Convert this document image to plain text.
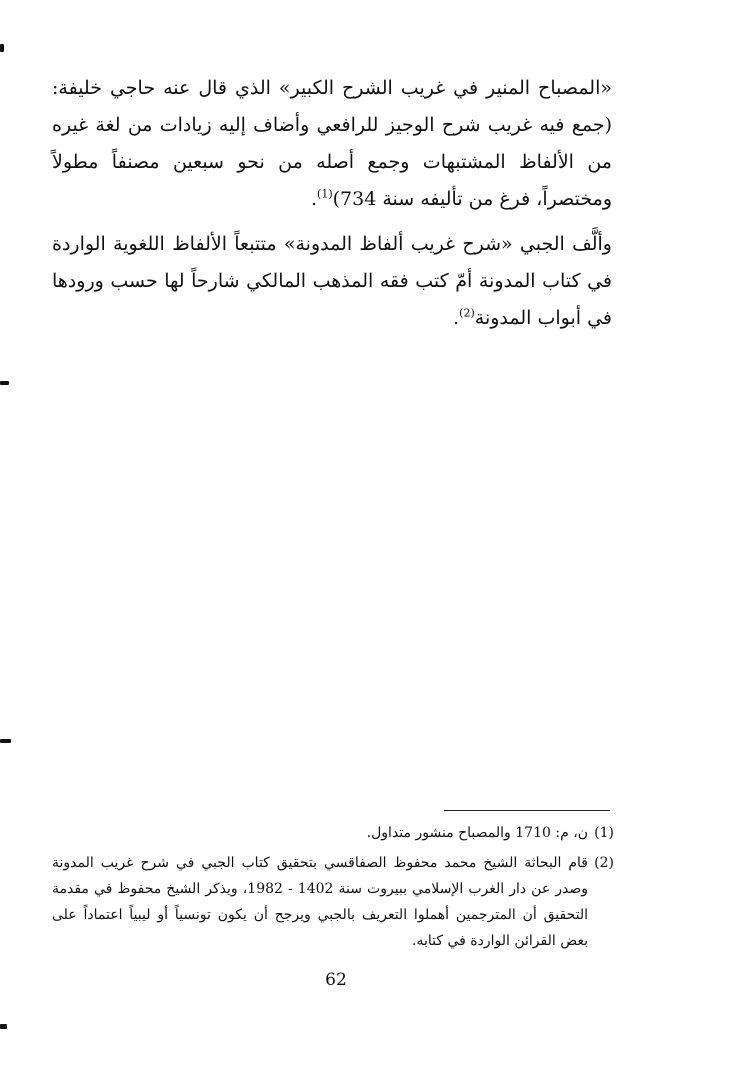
«المصباح المنير في غريب الشرح الكبير» الذي قال عنه حاجي خليفة: (جمع فيه غريب شرح الوجيز للرافعي وأضاف إليه زيادات من لغة غيره من الألفاظ المشتبهات وجمع أصله من نحو سبعين مصنفاً مطولاً ومختصراً، فرغ من تأليفه سنة 734)$^{(1)}$.

وألَّف الجبي «شرح غريب ألفاظ المدونة» متتبعاً الألفاظ اللغوية الواردة في كتاب المدونة أمّ كتب فقه المذهب المالكي شارحاً لها حسب ورودها في أبواب المدونة$^{(2)}$.

(1)
ن، م: 1710 والمصباح منشور متداول.
(2)
قام البحاثة الشيخ محمد محفوظ الصفاقسي بتحقيق كتاب الجبي في شرح غريب المدونة وصدر عن دار الغرب الإسلامي ببيروت سنة 1402 - 1982، ويذكر الشيخ محفوظ في مقدمة التحقيق أن المترجمين أهملوا التعريف بالجبي ويرجح أن يكون تونسياً أو ليبياً اعتماداً على بعض القرائن الواردة في كتابه.
62
